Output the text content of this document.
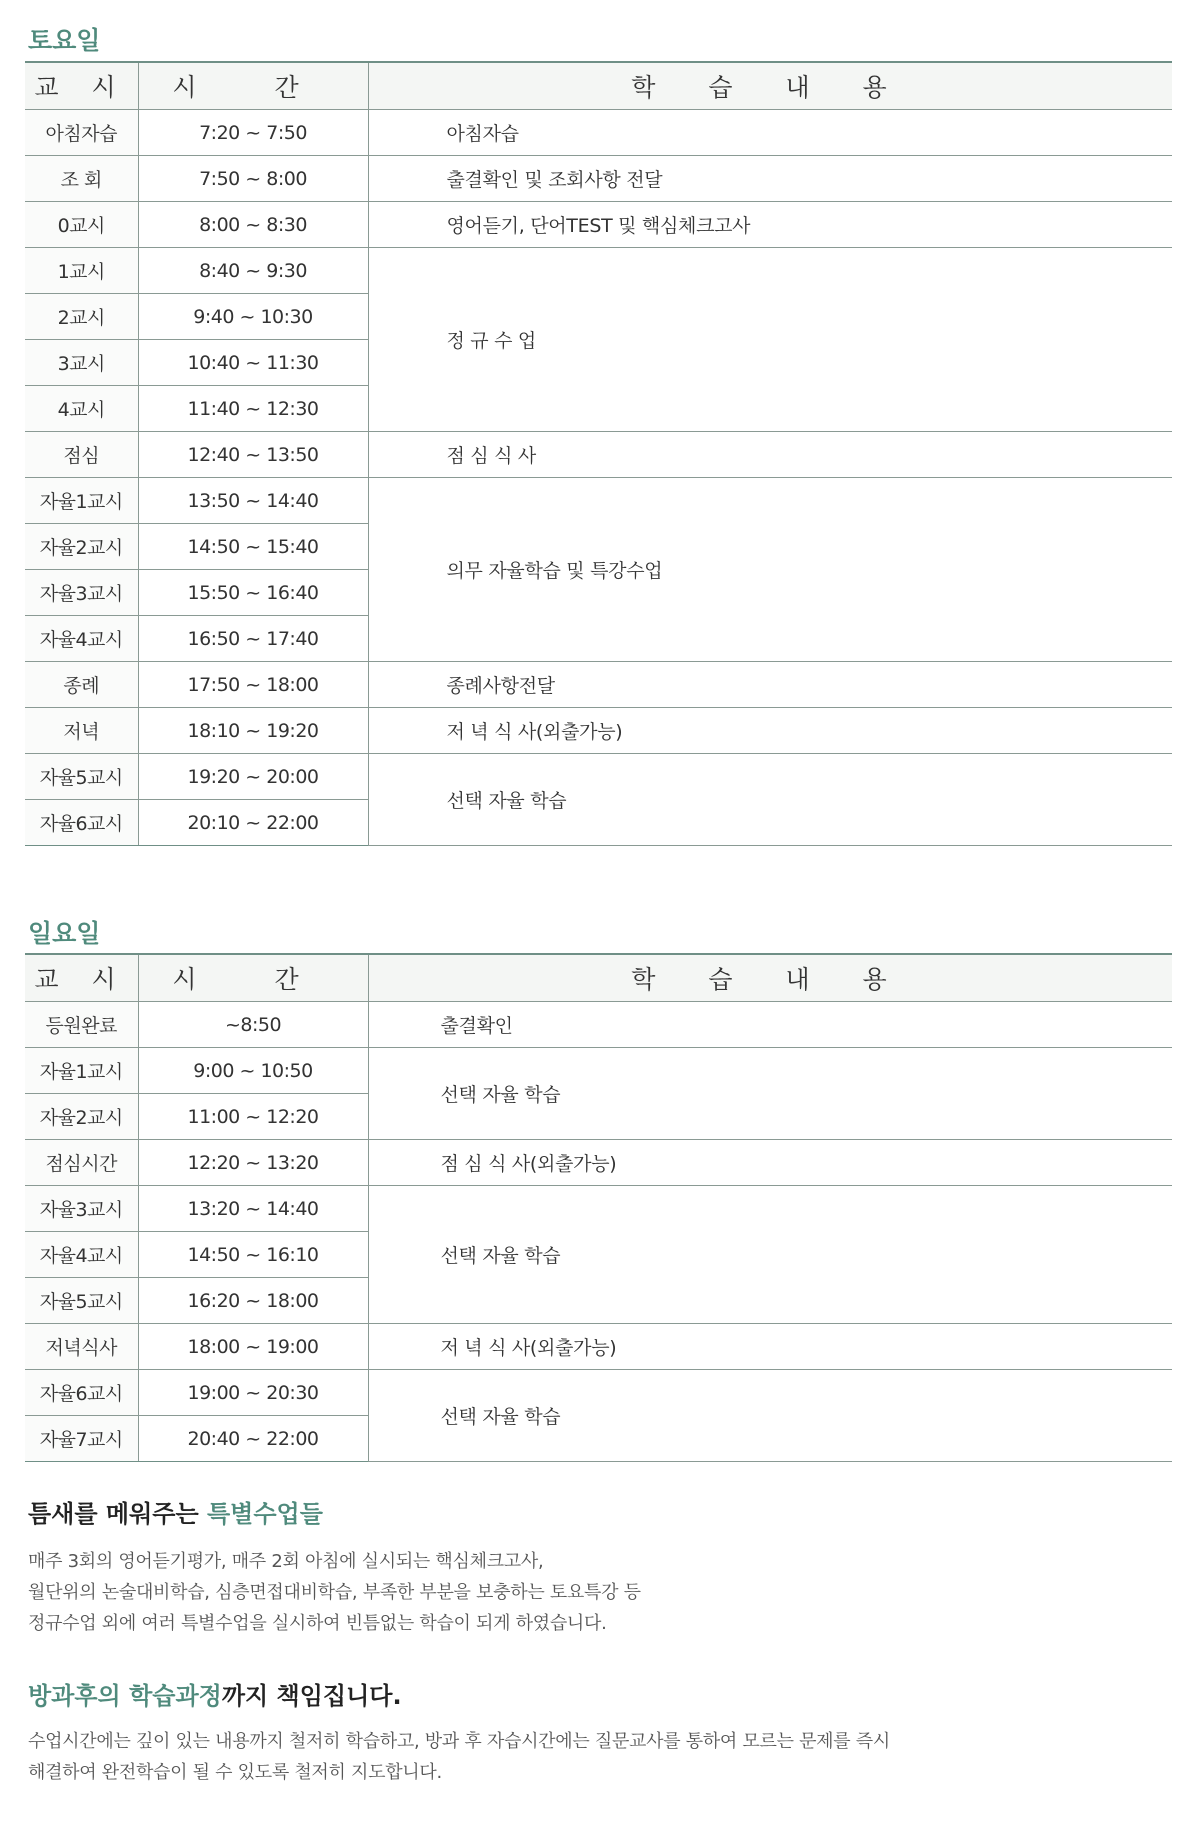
토요일
교 시	시 간	학 습 내 용
아침자습	7:20 ~ 7:50	아침자습
조 회	7:50 ~ 8:00	출결확인 및 조회사항 전달
0교시	8:00 ~ 8:30	영어듣기, 단어TEST 및 핵심체크고사
1교시	8:40 ~ 9:30	정 규 수 업
2교시	9:40 ~ 10:30	
3교시	10:40 ~ 11:30	
4교시	11:40 ~ 12:30	
점심	12:40 ~ 13:50	점 심 식 사
자율1교시	13:50 ~ 14:40	의무 자율학습 및 특강수업
자율2교시	14:50 ~ 15:40	
자율3교시	15:50 ~ 16:40	
자율4교시	16:50 ~ 17:40	
종례	17:50 ~ 18:00	종례사항전달
저녁	18:10 ~ 19:20	저 녁 식 사(외출가능)
자율5교시	19:20 ~ 20:00	선택 자율 학습
자율6교시	20:10 ~ 22:00	
일요일
교 시	시 간	학 습 내 용
등원완료	~8:50	출결확인
자율1교시	9:00 ~ 10:50	선택 자율 학습
자율2교시	11:00 ~ 12:20	
점심시간	12:20 ~ 13:20	점 심 식 사(외출가능)
자율3교시	13:20 ~ 14:40	선택 자율 학습
자율4교시	14:50 ~ 16:10	
자율5교시	16:20 ~ 18:00	
저녁식사	18:00 ~ 19:00	저 녁 식 사(외출가능)
자율6교시	19:00 ~ 20:30	선택 자율 학습
자율7교시	20:40 ~ 22:00	
틈새를 메워주는 특별수업들

매주 3회의 영어듣기평가, 매주 2회 아침에 실시되는 핵심체크고사,
월단위의 논술대비학습, 심층면접대비학습, 부족한 부분을 보충하는 토요특강 등
정규수업 외에 여러 특별수업을 실시하여 빈틈없는 학습이 되게 하였습니다.

방과후의 학습과정까지 책임집니다.

수업시간에는 깊이 있는 내용까지 철저히 학습하고, 방과 후 자습시간에는 질문교사를 통하여 모르는 문제를 즉시
해결하여 완전학습이 될 수 있도록 철저히 지도합니다.
